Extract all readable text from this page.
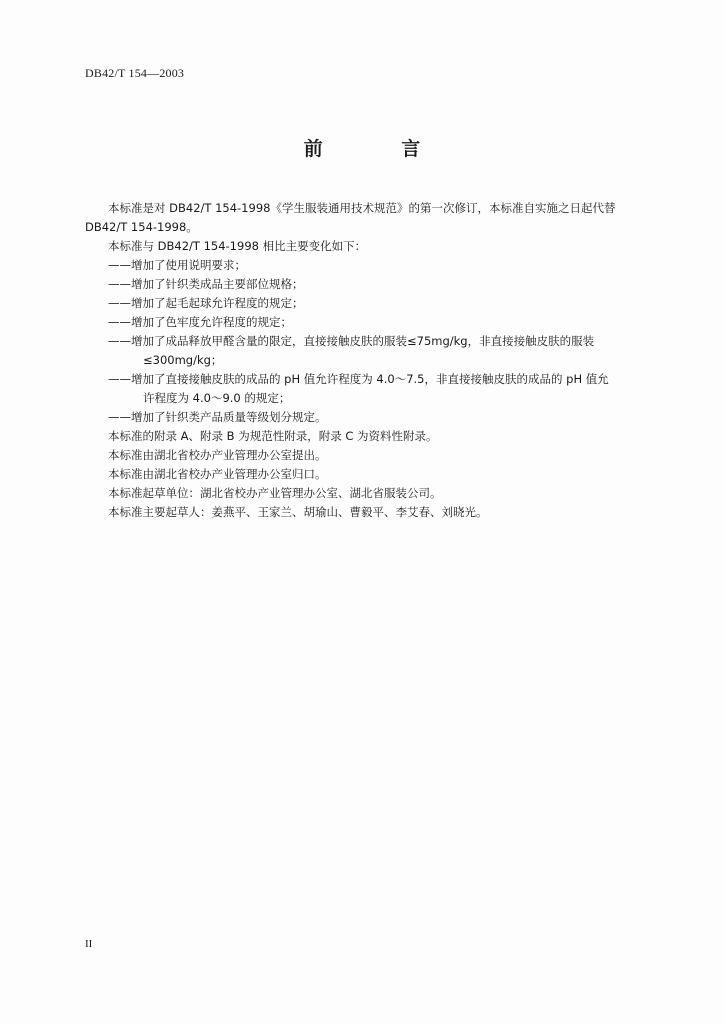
DB42/T 154—2003
前 言

本标准是对 DB42/T 154-1998《学生服装通用技术规范》的第一次修订，本标准自实施之日起代替

DB42/T 154-1998。

本标准与 DB42/T 154-1998 相比主要变化如下：

——增加了使用说明要求；

——增加了针织类成品主要部位规格；

——增加了起毛起球允许程度的规定；

——增加了色牢度允许程度的规定；

——增加了成品释放甲醛含量的限定，直接接触皮肤的服装≤75mg/kg，非直接接触皮肤的服装

≤300mg/kg；

——增加了直接接触皮肤的成品的 pH 值允许程度为 4.0～7.5，非直接接触皮肤的成品的 pH 值允

许程度为 4.0～9.0 的规定；

——增加了针织类产品质量等级划分规定。

本标准的附录 A、附录 B 为规范性附录，附录 C 为资料性附录。

本标准由湖北省校办产业管理办公室提出。

本标准由湖北省校办产业管理办公室归口。

本标准起草单位：湖北省校办产业管理办公室、湖北省服装公司。

本标准主要起草人：姜燕平、王家兰、胡瑜山、曹毅平、李艾春、刘晓光。

II
